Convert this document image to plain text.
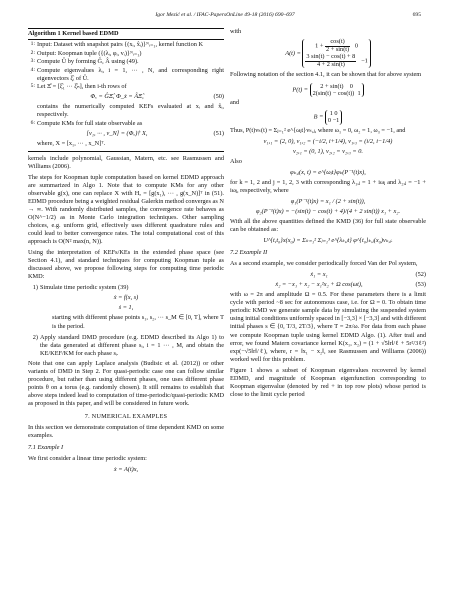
Igor Mezić et al. / IFAC-PapersOnLine 49-18 (2016) 690–697	695
Algorithm 1 Kernel based EDMD
1: Input: Dataset with snapshot pairs {(xᵢ, x̂ᵢ)}ᴺᵢ₌₁, kernel function K
2: Output: Koopman tuple ({(λᵢ, φᵢ, vᵢ)}ᴺᵢ₌₁)
3: Compute Û by forming Ĝ, Â using (49).
4: Compute eigenvalues λᵢ, i = 1, ··· , N, and corresponding right eigenvectors ξ̂ᵢ of Û.
5: Let Ξ̂ = [ξ̂₁ ··· ξ̂ₙ], then i-th rows of
Φₓ = ĜΞ̂, Φ_ẋ = ÂΞ̂,	(50)
contains the numerically computed KEFs evaluated at xᵢ and x̂ᵢ, respectively.
6: Compute KMs for full state observable as
[v₁, ··· , v_N] = (Φₓ)† X,	(51)
where, X = [x₁, ··· , x_N]ᵀ.

kernels include polynomial, Gaussian, Matern, etc. see Rasmussen and Williams (2006).

The steps for Koopman tuple computation based on kernel EDMD approach are summarized in Algo 1. Note that to compute KMs for any other observable g(x), one can replace X with Hₓ = [g(x₁), ··· , g(x_N)]ᵀ in (51). EDMD procedure being a weighted residual Galerkin method converges as N → ∞. With randomly distributed samples, the convergence rate behaves as O(N^−1/2) as in Monte Carlo integration techniques. Other sampling choices, e.g. uniform grid, effectively uses different quadrature rules and could lead to better convergence rates. The total computational cost of this approach is O(N² max(n, N)).

Using the interpretation of KEFs/KEs in the extended phase space (see Section 4.1), and standard techniques for computing Koopman tuple as discussed above, we propose following steps for computing time periodic KMD:

1) Simulate time periodic system (39)
ẋ = f(x, s)
ṡ = 1,

starting with different phase points s₁, s₂, ··· s_M ∈ [0, T], where T is the period.

2) Apply standard DMD procedure (e.g. EDMD described its Algo 1) to the data generated at different phase sᵢ, i = 1 ··· , M, and obtain the KE/KEF/KM for each phase sᵢ.

Note that one can apply Laplace analysis (Budisic et al. (2012)) or other variants of DMD in Step 2. For quasi-periodic case one can follow similar procedure, but rather than using different phases, one uses different phase points θ on a torus (e.g. randomly chosen). It still remains to establish that above steps indeed lead to computation of time-periodic/quasi-periodic KMD as proposed in this paper, and will be considered in future work.

7. NUMERICAL EXAMPLES

In this section we demonstrate computation of time dependent KMD on some examples.

7.1 Example I

We first consider a linear time periodic system:

ẋ = A(t)x,

with

A(t) =
$1 + \frac{\cos(t)}{2 + \sin(t)} 0$
$\frac{3 \sin(t) - \cos(t) + 8}{4 + 2 \sin(t)} -1$

Following notation of the section 4.1, it can be shown that for above system

P(t) =
2 + sin(t) 0
2(sin(t) − cos(t)) 1

and

B =
1 0
0 −1

Thus, P(t)vₖ(t) = Σⱼ₌₁² e^{ωⱼt}vₖ,ⱼ, where ω₁ = 0, ω₂ = 1, ω₃ = −1, and

v₁,₁ = (2, 0), v₁,₂ = (−i/2, i+1/4), v₁,₃ = (i/2, i−1/4)
v₂,₁ = (0, 1), v₂,₂ = v₂,₃ = 0.

Also

φₖ,ⱼ(x, t) = e^{ωⱼt}φₖ(P⁻¹(t)x),

for k = 1, 2 and j = 1, 2, 3 with corresponding λ₁,ⱼ = 1 + iωⱼ and λ₂,ⱼ = −1 + iωⱼ, respectively, where

φ₁(P⁻¹(t)x) = x₁ / (2 + sin(t)),
φ₂(P⁻¹(t)x) = −(sin(t) − cos(t) + 4)/(4 + 2 sin(t)) x₁ + x₂.

With all the above quantities defined the KMD (36) for full state observable can be obtained as:

U^{t,t₀}x(x₀) = Σₖ₌₁² Σⱼ₌₁³ e^{λₖ,ⱼt} φ^{t₀}ₖ,ⱼ(x₀)vₖ,ⱼ.
7.2 Example II

As a second example, we consider periodically forced Van der Pol system,

ẋ₁ = x₁	(52)
ẋ₂ = −x₁ + x₂ − x₁²x₂ + Ω cos(ωt),	(53)

with ω = 2π and amplitude Ω = 0.5. For these parameters there is a limit cycle with period ~8 sec for autonomous case, i.e. for Ω = 0. To obtain time periodic KMD we generate sample data by simulating the suspended system using initial conditions uniformly spaced in [−3,3] × [−3,3] and with different initial phases s ∈ {0, T/3, 2T/3}, where T = 2π/ω. For data from each phase we compute Koopman tuple using kernel EDMD Algo. (1). After trail and error, we found Matern covariance kernel K(x₁, x₂) = (1 + √5‖r‖/ℓ + 5r²/3ℓ²) exp(−√5‖r‖/ℓ), where, r = ‖x₁ − x₂‖, see Rasmussen and Williams (2006)) worked well for this problem.

Figure 1 shows a subset of Koopman eigenvalues recovered by kernel EDMD, and magnitude of Koopman eigenfunction corresponding to Koopman eigenvalue (denoted by red + in top row plots) whose period is close to the limit cycle period
